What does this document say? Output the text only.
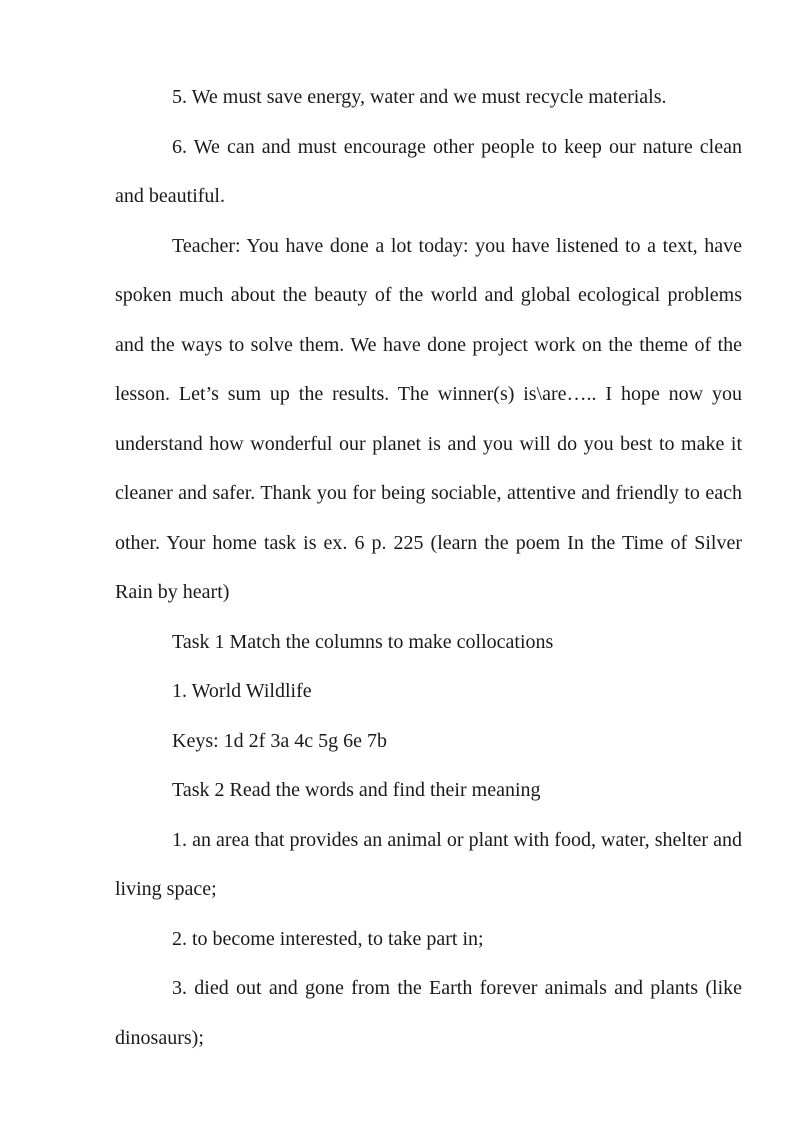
5. We must save energy, water and we must recycle materials.

6. We can and must encourage other people to keep our nature clean and beautiful.

Teacher: You have done a lot today: you have listened to a text, have spoken much about the beauty of the world and global ecological problems and the ways to solve them. We have done project work on the theme of the lesson. Let’s sum up the results. The winner(s) is\are….. I hope now you understand how wonderful our planet is and you will do you best to make it cleaner and safer. Thank you for being sociable, attentive and friendly to each other. Your home task is ex. 6 p. 225 (learn the poem In the Time of Silver Rain by heart)

Task 1 Match the columns to make collocations

1. World Wildlife

Keys: 1d 2f 3a 4c 5g 6e 7b

Task 2 Read the words and find their meaning

1. an area that provides an animal or plant with food, water, shelter and living space;

2. to become interested, to take part in;

3. died out and gone from the Earth forever animals and plants (like dinosaurs);
